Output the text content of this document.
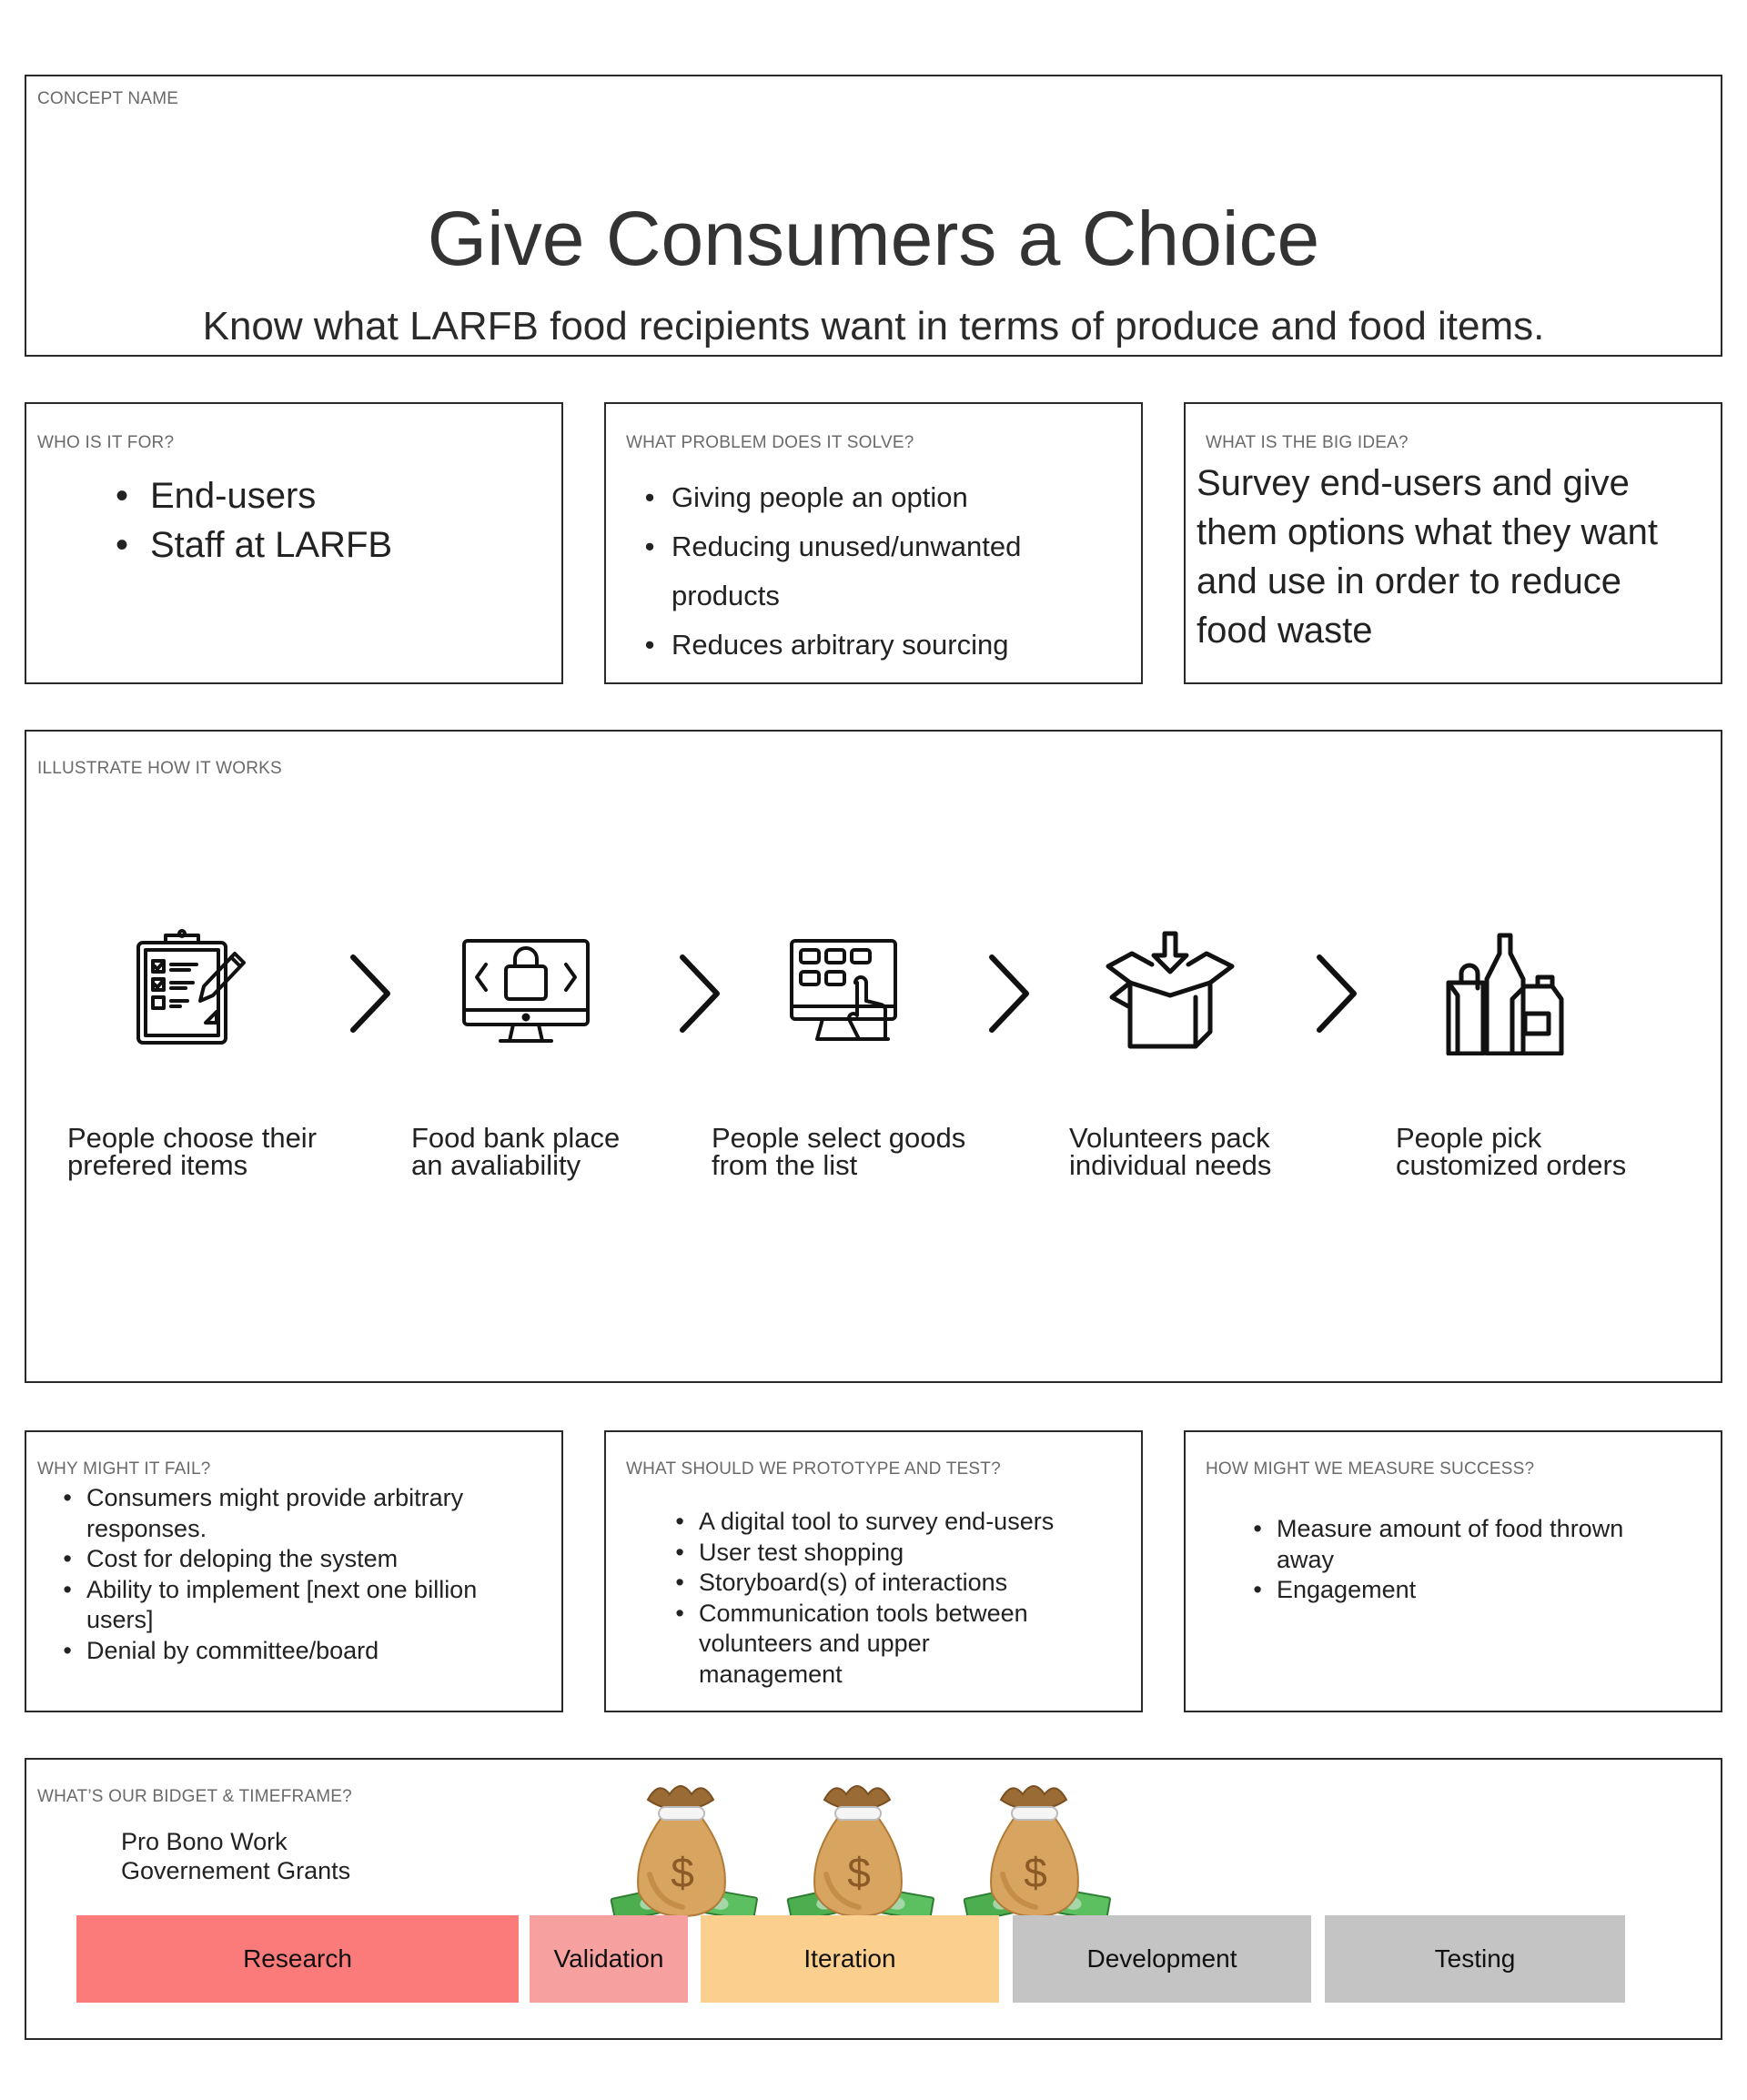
CONCEPT NAME
Give Consumers a Choice
Know what LARFB food recipients want in terms of produce and food items.
WHO IS IT FOR?
• End-users
• Staff at LARFB
WHAT PROBLEM DOES IT SOLVE?
• Giving people an option
• Reducing unused/unwanted products
• Reduces arbitrary sourcing
WHAT IS THE BIG IDEA?
Survey end-users and give them options what they want and use in order to reduce food waste
ILLUSTRATE HOW IT WORKS
People choose their
prefered items
Food bank place
an avaliability
People select goods
from the list
Volunteers pack
individual needs
People pick
customized orders
WHY MIGHT IT FAIL?
• Consumers might provide arbitrary responses.
• Cost for deloping the system
• Ability to implement [next one billion users]
• Denial by committee/board
WHAT SHOULD WE PROTOTYPE AND TEST?
• A digital tool to survey end-users
• User test shopping
• Storyboard(s) of interactions
• Communication tools between volunteers and upper management
HOW MIGHT WE MEASURE SUCCESS?
• Measure amount of food thrown away
• Engagement
WHAT’S OUR BIDGET & TIMEFRAME?
Pro Bono Work
Governement Grants	$	$	$
Research	Validation	Iteration	Development	Testing
